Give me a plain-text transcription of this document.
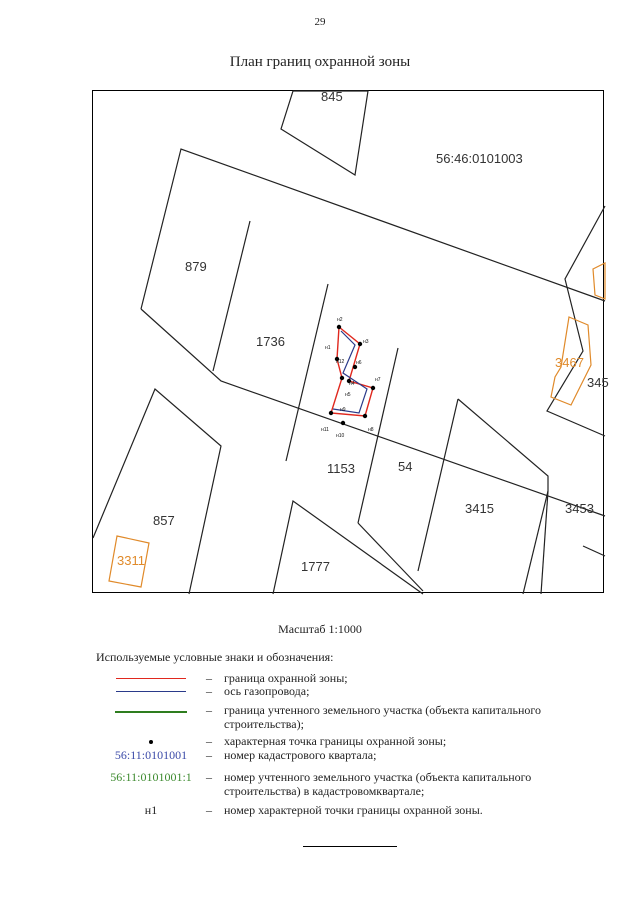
29
План границ охранной зоны
н2
н3
н1
н12 н6
н7
н5
н9
н11
н10
н8
н4
845
56:46:0101003
879
1736
1153	54
3415	3453
857
1777
3467
345
3311
Масштаб 1:1000
Используемые условные знаки и обозначения:
–	граница охранной зоны;
–	ось газопровода;
–	граница учтенного земельного участка (объекта капитального строительства);
–	характерная точка границы охранной зоны;
56:11:0101001	–	номер кадастрового квартала;
56:11:0101001:1	–	номер учтенного земельного участка (объекта капитального строительства) в кадастровомквартале;
н1	–	номер характерной точки границы охранной зоны.
